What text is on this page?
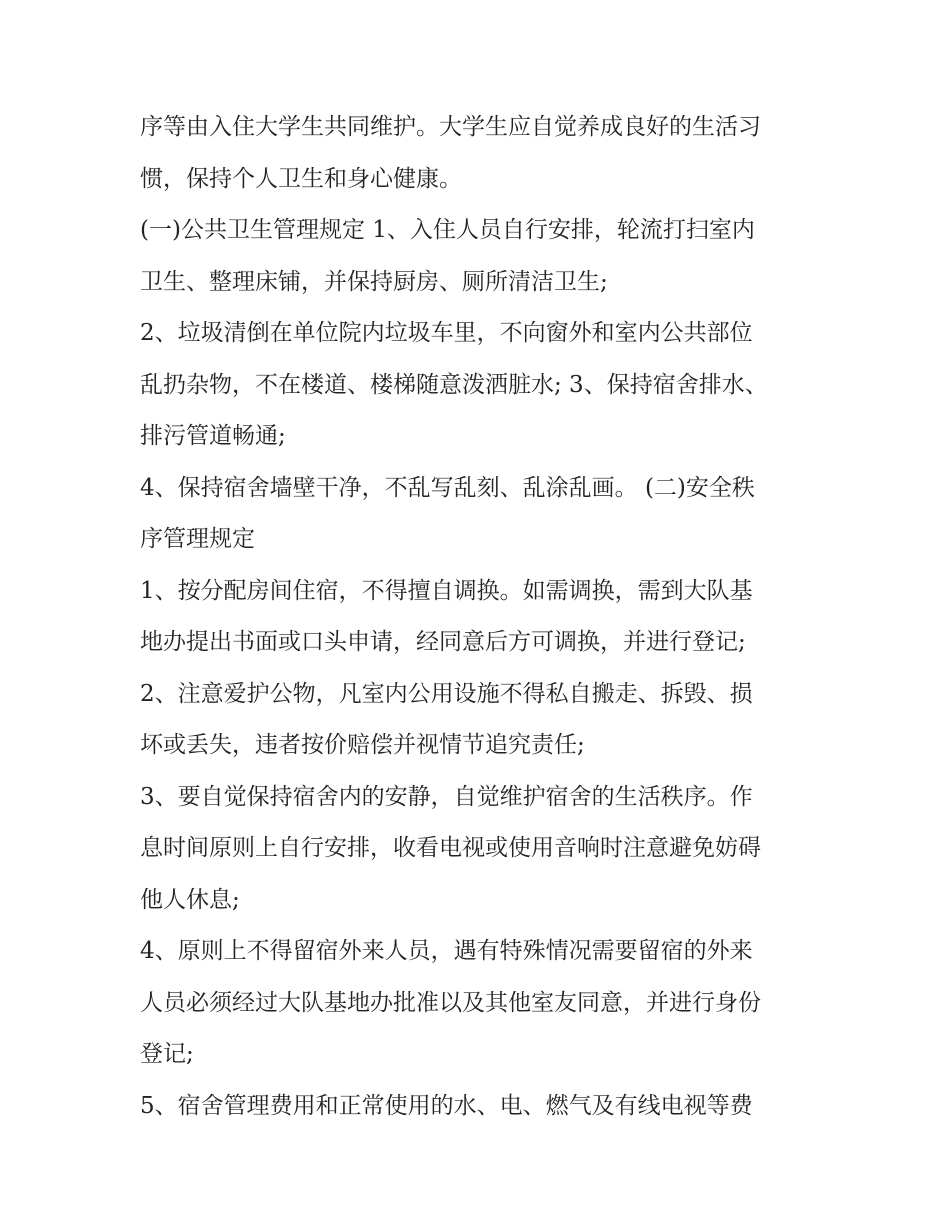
序等由入住大学生共同维护。大学生应自觉养成良好的生活习
惯，保持个人卫生和身心健康。
(一)公共卫生管理规定 1、入住人员自行安排，轮流打扫室内
卫生、整理床铺，并保持厨房、厕所清洁卫生;
2、垃圾清倒在单位院内垃圾车里，不向窗外和室内公共部位
乱扔杂物，不在楼道、楼梯随意泼洒脏水; 3、保持宿舍排水、
排污管道畅通;
4、保持宿舍墙壁干净，不乱写乱刻、乱涂乱画。 (二)安全秩
序管理规定
1、按分配房间住宿，不得擅自调换。如需调换，需到大队基
地办提出书面或口头申请，经同意后方可调换，并进行登记;
2、注意爱护公物，凡室内公用设施不得私自搬走、拆毁、损
坏或丢失，违者按价赔偿并视情节追究责任;
3、要自觉保持宿舍内的安静，自觉维护宿舍的生活秩序。作
息时间原则上自行安排，收看电视或使用音响时注意避免妨碍
他人休息;
4、原则上不得留宿外来人员，遇有特殊情况需要留宿的外来
人员必须经过大队基地办批准以及其他室友同意，并进行身份
登记;
5、宿舍管理费用和正常使用的水、电、燃气及有线电视等费
